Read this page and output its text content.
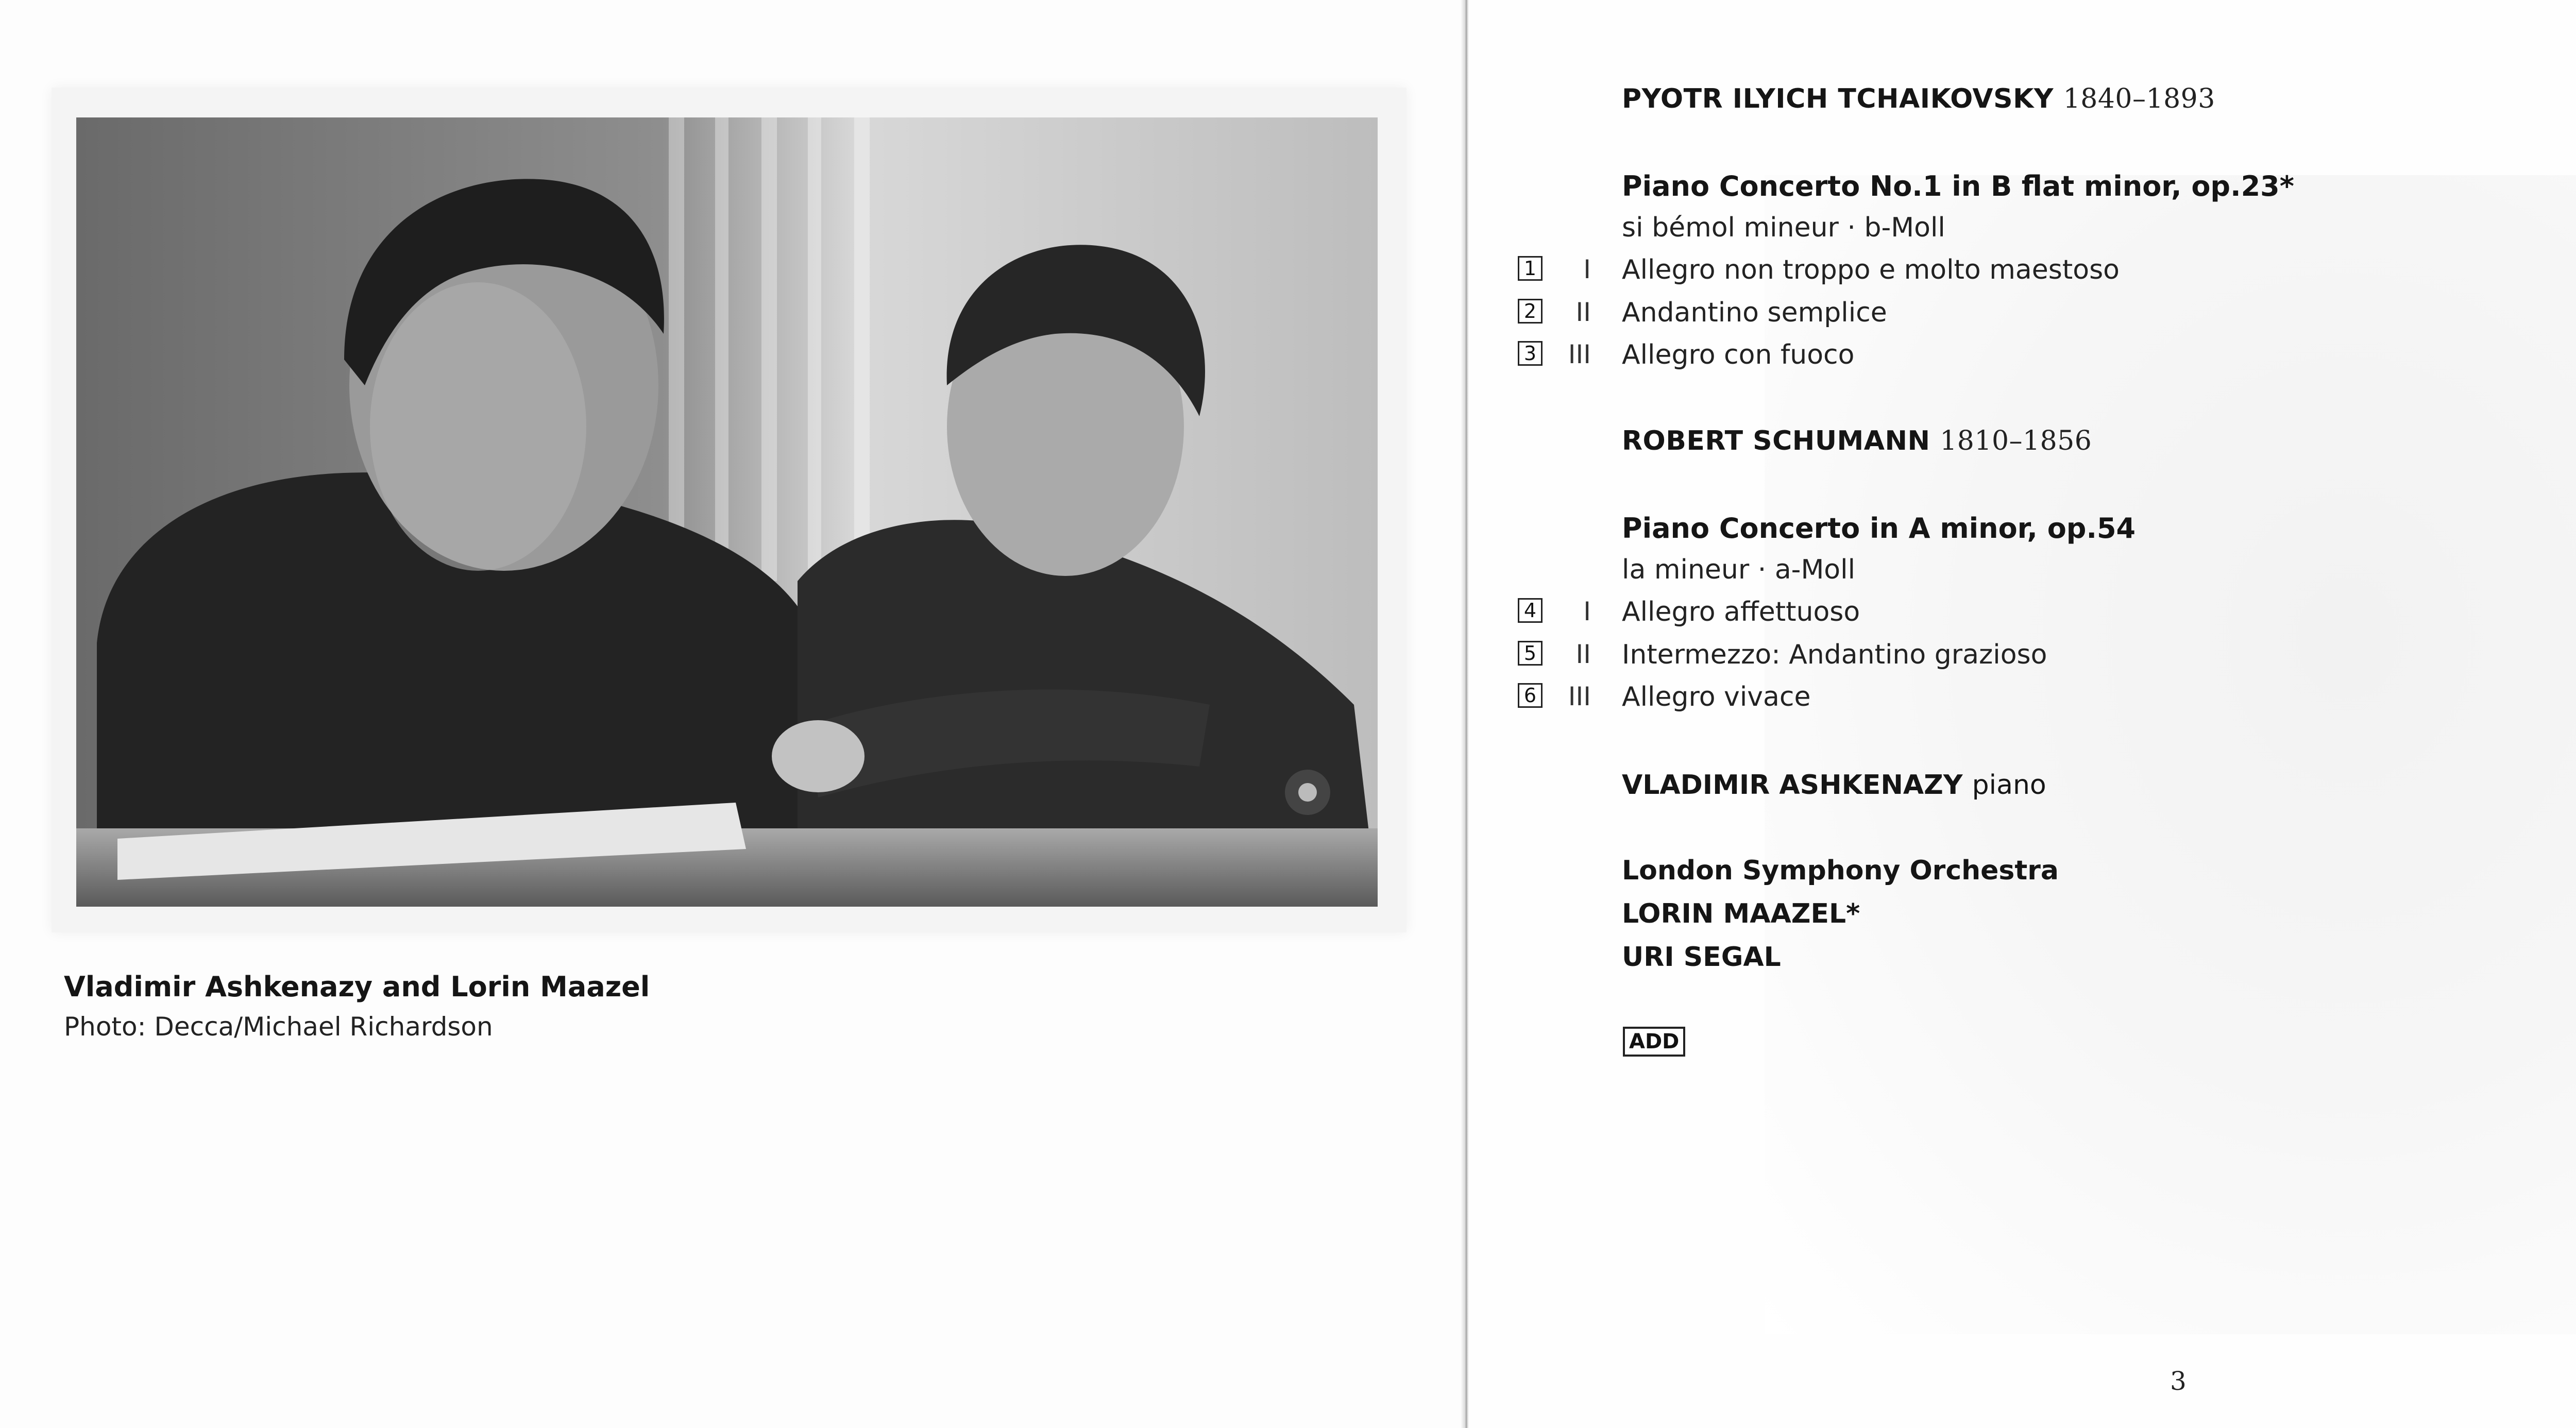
Vladimir Ashkenazy and Lorin Maazel
Photo: Decca/Michael Richardson
PYOTR ILYICH TCHAIKOVSKY 1840–1893
Piano Concerto No.1 in B flat minor, op.23*
si bémol mineur · b-Moll
1	I Allegro non troppo e molto maestoso
2	II Andantino semplice
3	III Allegro con fuoco
ROBERT SCHUMANN 1810–1856
Piano Concerto in A minor, op.54
la mineur · a-Moll
4	I Allegro affettuoso
5	II Intermezzo: Andantino grazioso
6	III Allegro vivace
VLADIMIR ASHKENAZY piano
London Symphony Orchestra
LORIN MAAZEL*
URI SEGAL
ADD
3
